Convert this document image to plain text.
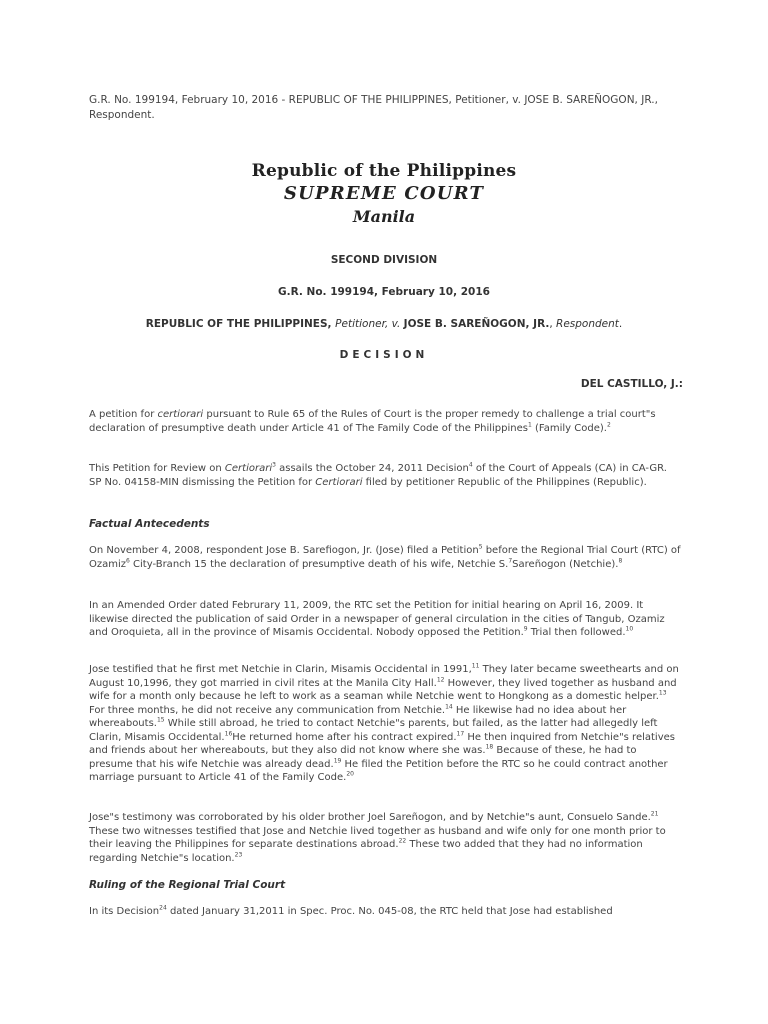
G.R. No. 199194, February 10, 2016 - REPUBLIC OF THE PHILIPPINES, Petitioner, v. JOSE B. SAREÑOGON, JR., Respondent.
Republic of the Philippines
SUPREME COURT
Manila
SECOND DIVISION
G.R. No. 199194, February 10, 2016
REPUBLIC OF THE PHILIPPINES, Petitioner, v. JOSE B. SAREÑOGON, JR., Respondent.
DECISION
DEL CASTILLO, J.:
A petition for certiorari pursuant to Rule 65 of the Rules of Court is the proper remedy to challenge a trial court"s declaration of presumptive death under Article 41 of The Family Code of the Philippines$^1$ (Family Code).$^2$
This Petition for Review on Certiorari$^3$ assails the October 24, 2011 Decision$^4$ of the Court of Appeals (CA) in CA-GR. SP No. 04158-MIN dismissing the Petition for Certiorari filed by petitioner Republic of the Philippines (Republic).
Factual Antecedents
On November 4, 2008, respondent Jose B. Sarefiogon, Jr. (Jose) filed a Petition$^5$ before the Regional Trial Court (RTC) of Ozamiz$^6$ City-Branch 15 the declaration of presumptive death of his wife, Netchie S.$^7$Sareñogon (Netchie).$^8$
In an Amended Order dated Februrary 11, 2009, the RTC set the Petition for initial hearing on April 16, 2009. It likewise directed the publication of said Order in a newspaper of general circulation in the cities of Tangub, Ozamiz and Oroquieta, all in the province of Misamis Occidental. Nobody opposed the Petition.$^9$ Trial then followed.$^{10}$
Jose testified that he first met Netchie in Clarin, Misamis Occidental in 1991,11 They later became sweethearts and on August 10,1996, they got married in civil rites at the Manila City Hall.$^{12}$ However, they lived together as husband and wife for a month only because he left to work as a seaman while Netchie went to Hongkong as a domestic helper.$^{13}$ For three months, he did not receive any communication from Netchie.$^{14}$ He likewise had no idea about her whereabouts.$^{15}$ While still abroad, he tried to contact Netchie"s parents, but failed, as the latter had allegedly left Clarin, Misamis Occidental.$^{16}$He returned home after his contract expired.$^{17}$ He then inquired from Netchie"s relatives and friends about her whereabouts, but they also did not know where she was.$^{18}$ Because of these, he had to presume that his wife Netchie was already dead.$^{19}$ He filed the Petition before the RTC so he could contract another marriage pursuant to Article 41 of the Family Code.$^{20}$
Jose"s testimony was corroborated by his older brother Joel Sareñogon, and by Netchie"s aunt, Consuelo Sande.$^{21}$ These two witnesses testified that Jose and Netchie lived together as husband and wife only for one month prior to their leaving the Philippines for separate destinations abroad.$^{22}$ These two added that they had no information regarding Netchie"s location.$^{23}$
Ruling of the Regional Trial Court
In its Decision$^{24}$ dated January 31,2011 in Spec. Proc. No. 045-08, the RTC held that Jose had established
